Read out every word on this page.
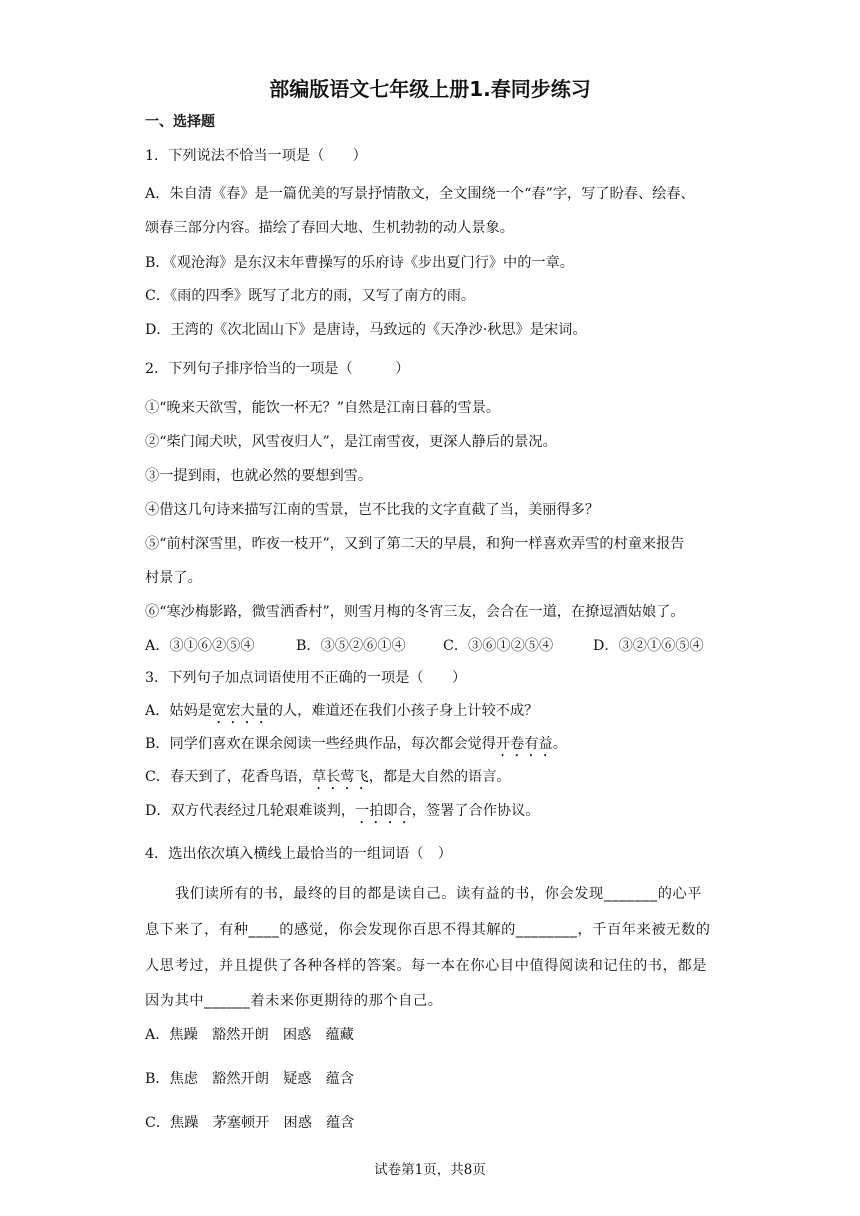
部编版语文七年级上册1.春同步练习
一、选择题
1．下列说法不恰当一项是（　　）
A．朱自清《春》是一篇优美的写景抒情散文，全文围绕一个“春”字，写了盼春、绘春、
颂春三部分内容。描绘了春回大地、生机勃勃的动人景象。
B．《观沧海》是东汉末年曹操写的乐府诗《步出夏门行》中的一章。
C．《雨的四季》既写了北方的雨，又写了南方的雨。
D．王湾的《次北固山下》是唐诗，马致远的《天净沙·秋思》是宋词。
2．下列句子排序恰当的一项是（　　　）
①“晚来天欲雪，能饮一杯无？”自然是江南日暮的雪景。
②“柴门闻犬吠，风雪夜归人”，是江南雪夜，更深人静后的景况。
③一提到雨，也就必然的要想到雪。
④借这几句诗来描写江南的雪景，岂不比我的文字直截了当，美丽得多？
⑤“前村深雪里，昨夜一枝开”，又到了第二天的早晨，和狗一样喜欢弄雪的村童来报告
村景了。
⑥“寒沙梅影路，微雪洒香村”，则雪月梅的冬宵三友，会合在一道，在撩逗酒姑娘了。
A．③①⑥②⑤④	B．③⑤②⑥①④	C．③⑥①②⑤④	D．③②①⑥⑤④
3．下列句子加点词语使用不正确的一项是（　　）
A．姑妈是宽宏大量的人，难道还在我们小孩子身上计较不成？
B．同学们喜欢在课余阅读一些经典作品，每次都会觉得开卷有益。
C．春天到了，花香鸟语，草长莺飞，都是大自然的语言。
D．双方代表经过几轮艰难谈判，一拍即合，签署了合作协议。
4．选出依次填入横线上最恰当的一组词语（　）
我们读所有的书，最终的目的都是读自己。读有益的书，你会发现_______的心平
息下来了，有种____的感觉，你会发现你百思不得其解的________，千百年来被无数的
人思考过，并且提供了各种各样的答案。每一本在你心目中值得阅读和记住的书，都是
因为其中______着未来你更期待的那个自己。
A．焦躁　豁然开朗　困惑　蕴藏
B．焦虑　豁然开朗　疑惑　蕴含
C．焦躁　茅塞顿开　困惑　蕴含
试卷第1页，共8页
